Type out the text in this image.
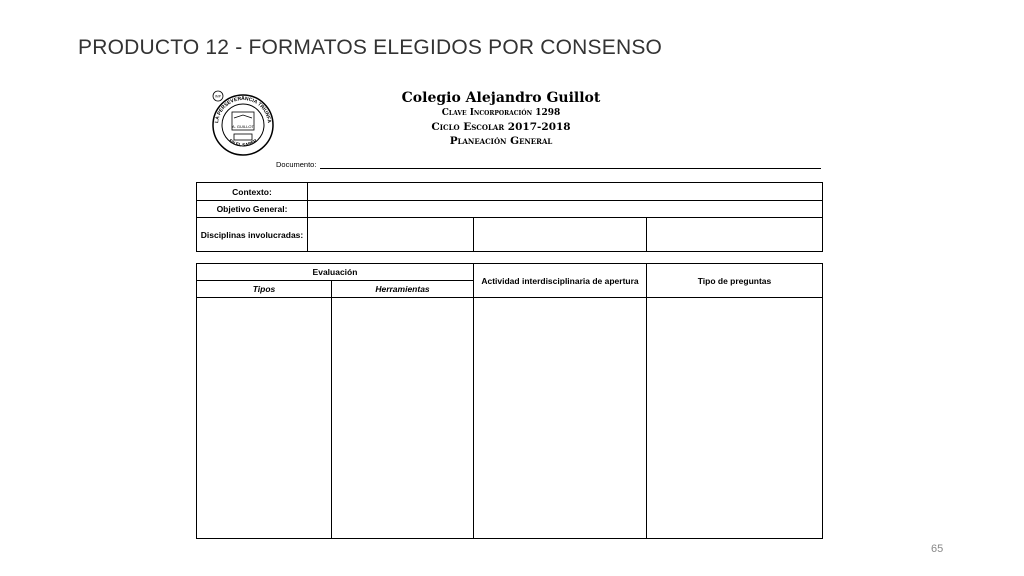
PRODUCTO 12 - FORMATOS ELEGIDOS POR CONSENSO
IMP
LA PERSEVERANCIA TRIUNFA
EN EL SABER
A. GUILLOT
Colegio Alejandro Guillot
Clave Incorporación 1298
Ciclo Escolar 2017-2018
Planeación General
Documento:
Contexto:			
Objetivo General:			
Disciplinas involucradas:			
Evaluación		Actividad interdisciplinaria de apertura	Tipo de preguntas
Tipos	Herramientas		

65
